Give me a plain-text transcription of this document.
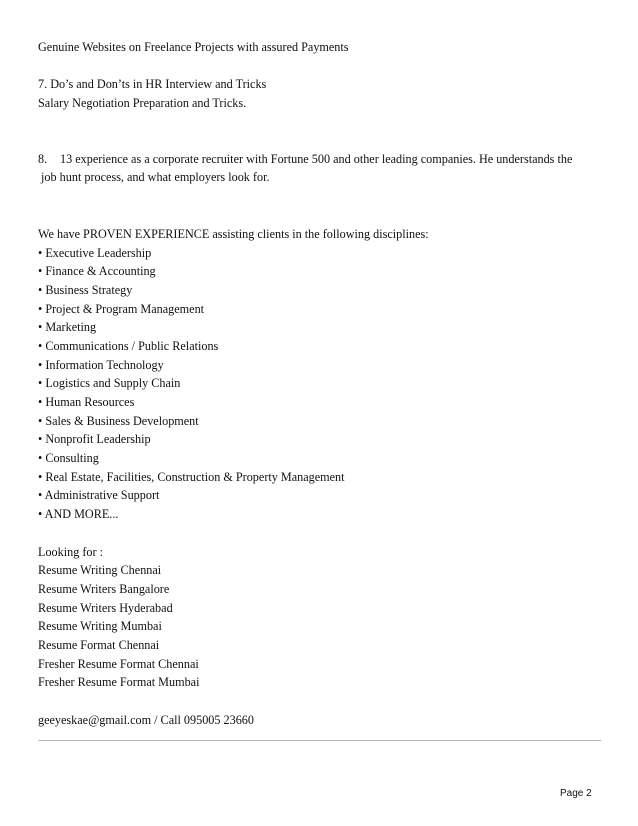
Genuine Websites on Freelance Projects with assured Payments
7. Do’s and Don’ts in HR Interview and Tricks
Salary Negotiation Preparation and Tricks.
8. 13 experience as a corporate recruiter with Fortune 500 and other leading companies. He understands the
job hunt process, and what employers look for.
We have PROVEN EXPERIENCE assisting clients in the following disciplines:
• Executive Leadership
• Finance & Accounting
• Business Strategy
• Project & Program Management
• Marketing
• Communications / Public Relations
• Information Technology
• Logistics and Supply Chain
• Human Resources
• Sales & Business Development
• Nonprofit Leadership
• Consulting
• Real Estate, Facilities, Construction & Property Management
• Administrative Support
• AND MORE...
Looking for :
Resume Writing Chennai
Resume Writers Bangalore
Resume Writers Hyderabad
Resume Writing Mumbai
Resume Format Chennai
Fresher Resume Format Chennai
Fresher Resume Format Mumbai
geeyeskae@gmail.com / Call 095005 23660
Page 2
